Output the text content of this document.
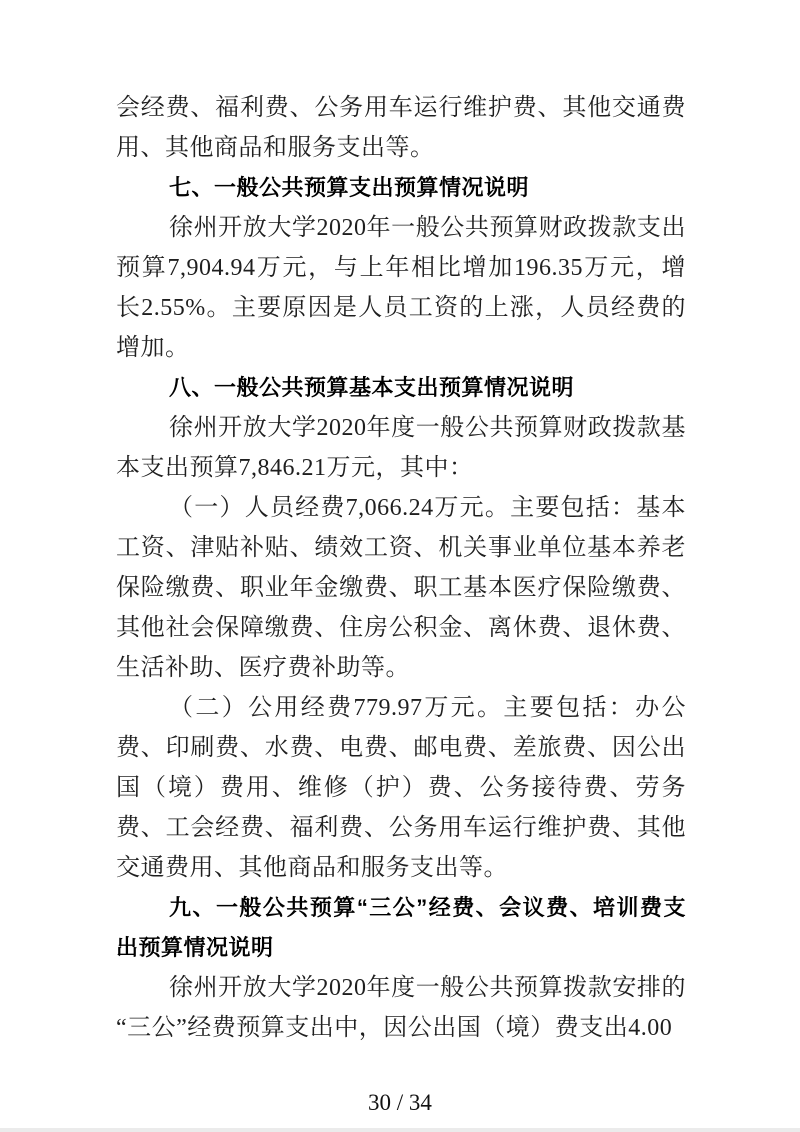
会经费、福利费、公务用车运行维护费、其他交通费用、其他商品和服务支出等。

七、一般公共预算支出预算情况说明

徐州开放大学2020年一般公共预算财政拨款支出预算7,904.94万元，与上年相比增加196.35万元，增长2.55%。主要原因是人员工资的上涨，人员经费的增加。

八、一般公共预算基本支出预算情况说明

徐州开放大学2020年度一般公共预算财政拨款基本支出预算7,846.21万元，其中：

（一）人员经费7,066.24万元。主要包括：基本工资、津贴补贴、绩效工资、机关事业单位基本养老保险缴费、职业年金缴费、职工基本医疗保险缴费、其他社会保障缴费、住房公积金、离休费、退休费、生活补助、医疗费补助等。

（二）公用经费779.97万元。主要包括：办公费、印刷费、水费、电费、邮电费、差旅费、因公出国（境）费用、维修（护）费、公务接待费、劳务费、工会经费、福利费、公务用车运行维护费、其他交通费用、其他商品和服务支出等。

九、一般公共预算“三公”经费、会议费、培训费支出预算情况说明

徐州开放大学2020年度一般公共预算拨款安排的“三公”经费预算支出中，因公出国（境）费支出4.00

30 / 34
